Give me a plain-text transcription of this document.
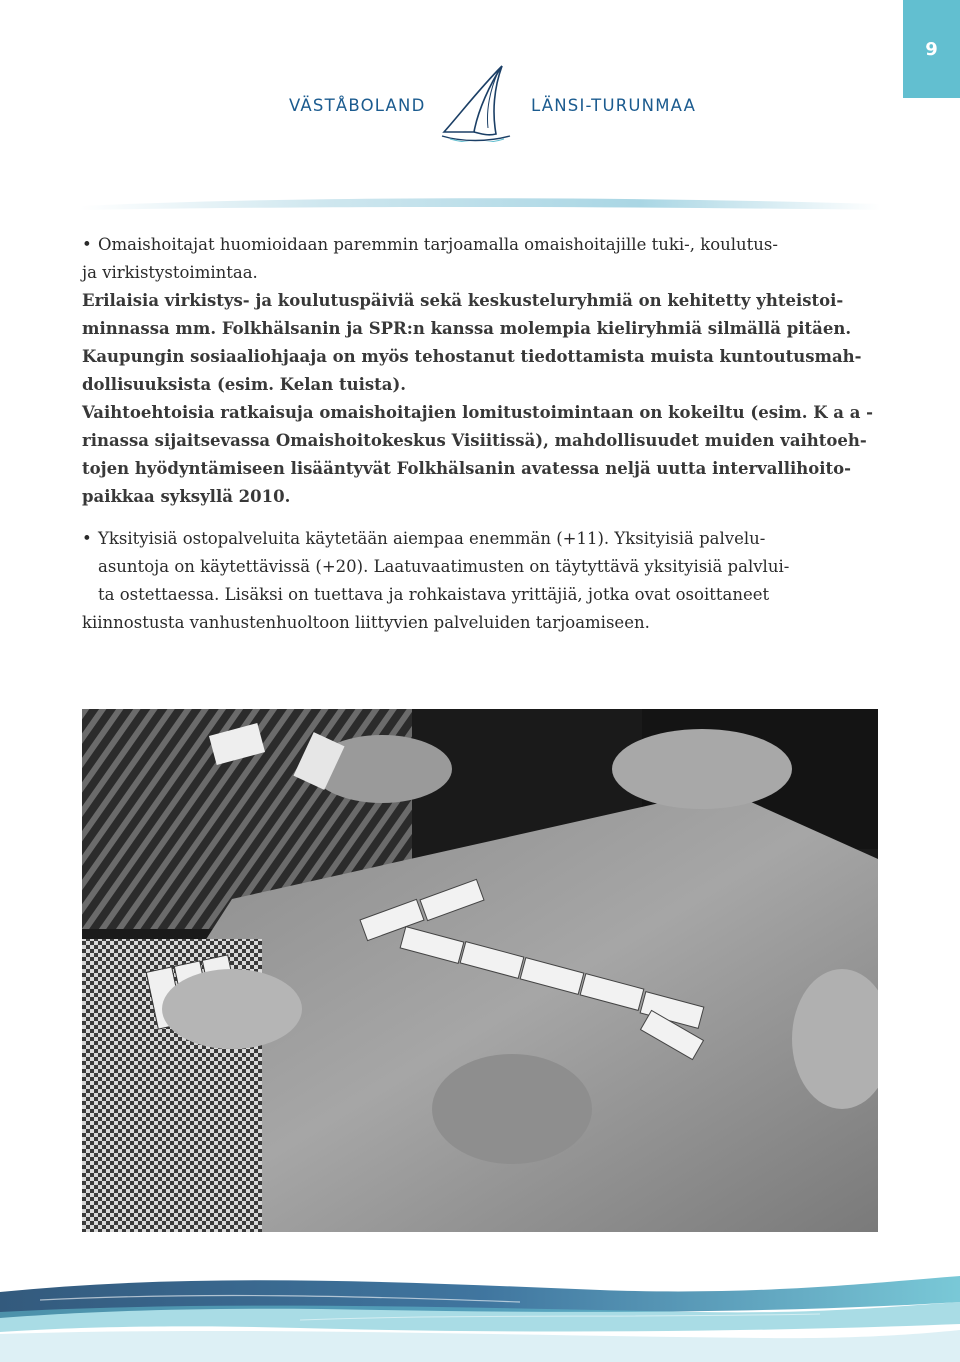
9
VÄSTÅBOLAND	LÄNSI-TURUNMAA
• Omaishoitajat huomioidaan paremmin tarjoamalla omaishoitajille tuki-, koulutus-
ja virkistystoimintaa.
Erilaisia virkistys- ja koulutuspäiviä sekä keskusteluryhmiä on kehitetty yhteistoi-
minnassa mm. Folkhälsanin ja SPR:n kanssa molempia kieliryhmiä silmällä pitäen.
Kaupungin sosiaaliohjaaja on myös tehostanut tiedottamista muista kuntoutusmah-
dollisuuksista (esim. Kelan tuista).
Vaihtoehtoisia ratkaisuja omaishoitajien lomitustoimintaan on kokeiltu (esim. K a a -
rinassa sijaitsevassa Omaishoitokeskus Visiitissä), mahdollisuudet muiden vaihtoeh-
tojen hyödyntämiseen lisääntyvät Folkhälsanin avatessa neljä uutta intervallihoito-
paikkaa syksyllä 2010.
• Yksityisiä ostopalveluita käytetään aiempaa enemmän (+11). Yksityisiä palvelu-
asuntoja on käytettävissä (+20). Laatuvaatimusten on täytyttävä yksityisiä palvlui-
ta ostettaessa. Lisäksi on tuettava ja rohkaistava yrittäjiä, jotka ovat osoittaneet
kiinnostusta vanhustenhuoltoon liittyvien palveluiden tarjoamiseen.
